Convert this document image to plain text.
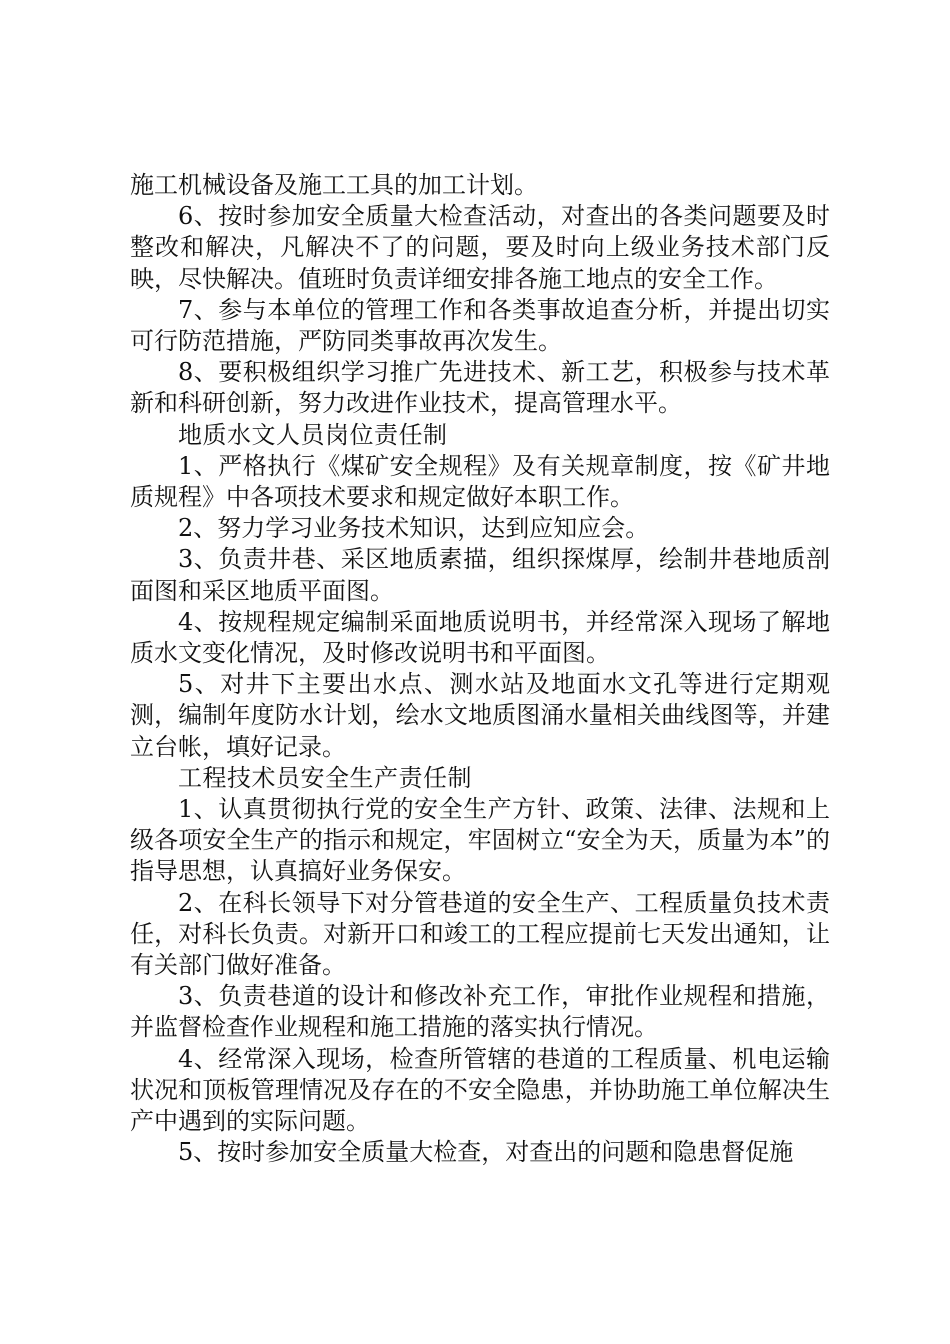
施工机械设备及施工工具的加工计划。

6、按时参加安全质量大检查活动，对查出的各类问题要及时整改和解决，凡解决不了的问题，要及时向上级业务技术部门反映，尽快解决。值班时负责详细安排各施工地点的安全工作。

7、参与本单位的管理工作和各类事故追查分析，并提出切实可行防范措施，严防同类事故再次发生。

8、要积极组织学习推广先进技术、新工艺，积极参与技术革新和科研创新，努力改进作业技术，提高管理水平。

地质水文人员岗位责任制

1、严格执行《煤矿安全规程》及有关规章制度，按《矿井地质规程》中各项技术要求和规定做好本职工作。

2、努力学习业务技术知识，达到应知应会。

3、负责井巷、采区地质素描，组织探煤厚，绘制井巷地质剖面图和采区地质平面图。

4、按规程规定编制采面地质说明书，并经常深入现场了解地质水文变化情况，及时修改说明书和平面图。

5、对井下主要出水点、测水站及地面水文孔等进行定期观测，编制年度防水计划，绘水文地质图涌水量相关曲线图等，并建立台帐，填好记录。

工程技术员安全生产责任制

1、认真贯彻执行党的安全生产方针、政策、法律、法规和上级各项安全生产的指示和规定，牢固树立“安全为天，质量为本”的指导思想，认真搞好业务保安。

2、在科长领导下对分管巷道的安全生产、工程质量负技术责任，对科长负责。对新开口和竣工的工程应提前七天发出通知，让有关部门做好准备。

3、负责巷道的设计和修改补充工作，审批作业规程和措施，并监督检查作业规程和施工措施的落实执行情况。

4、经常深入现场，检查所管辖的巷道的工程质量、机电运输状况和顶板管理情况及存在的不安全隐患，并协助施工单位解决生产中遇到的实际问题。

5、按时参加安全质量大检查，对查出的问题和隐患督促施
